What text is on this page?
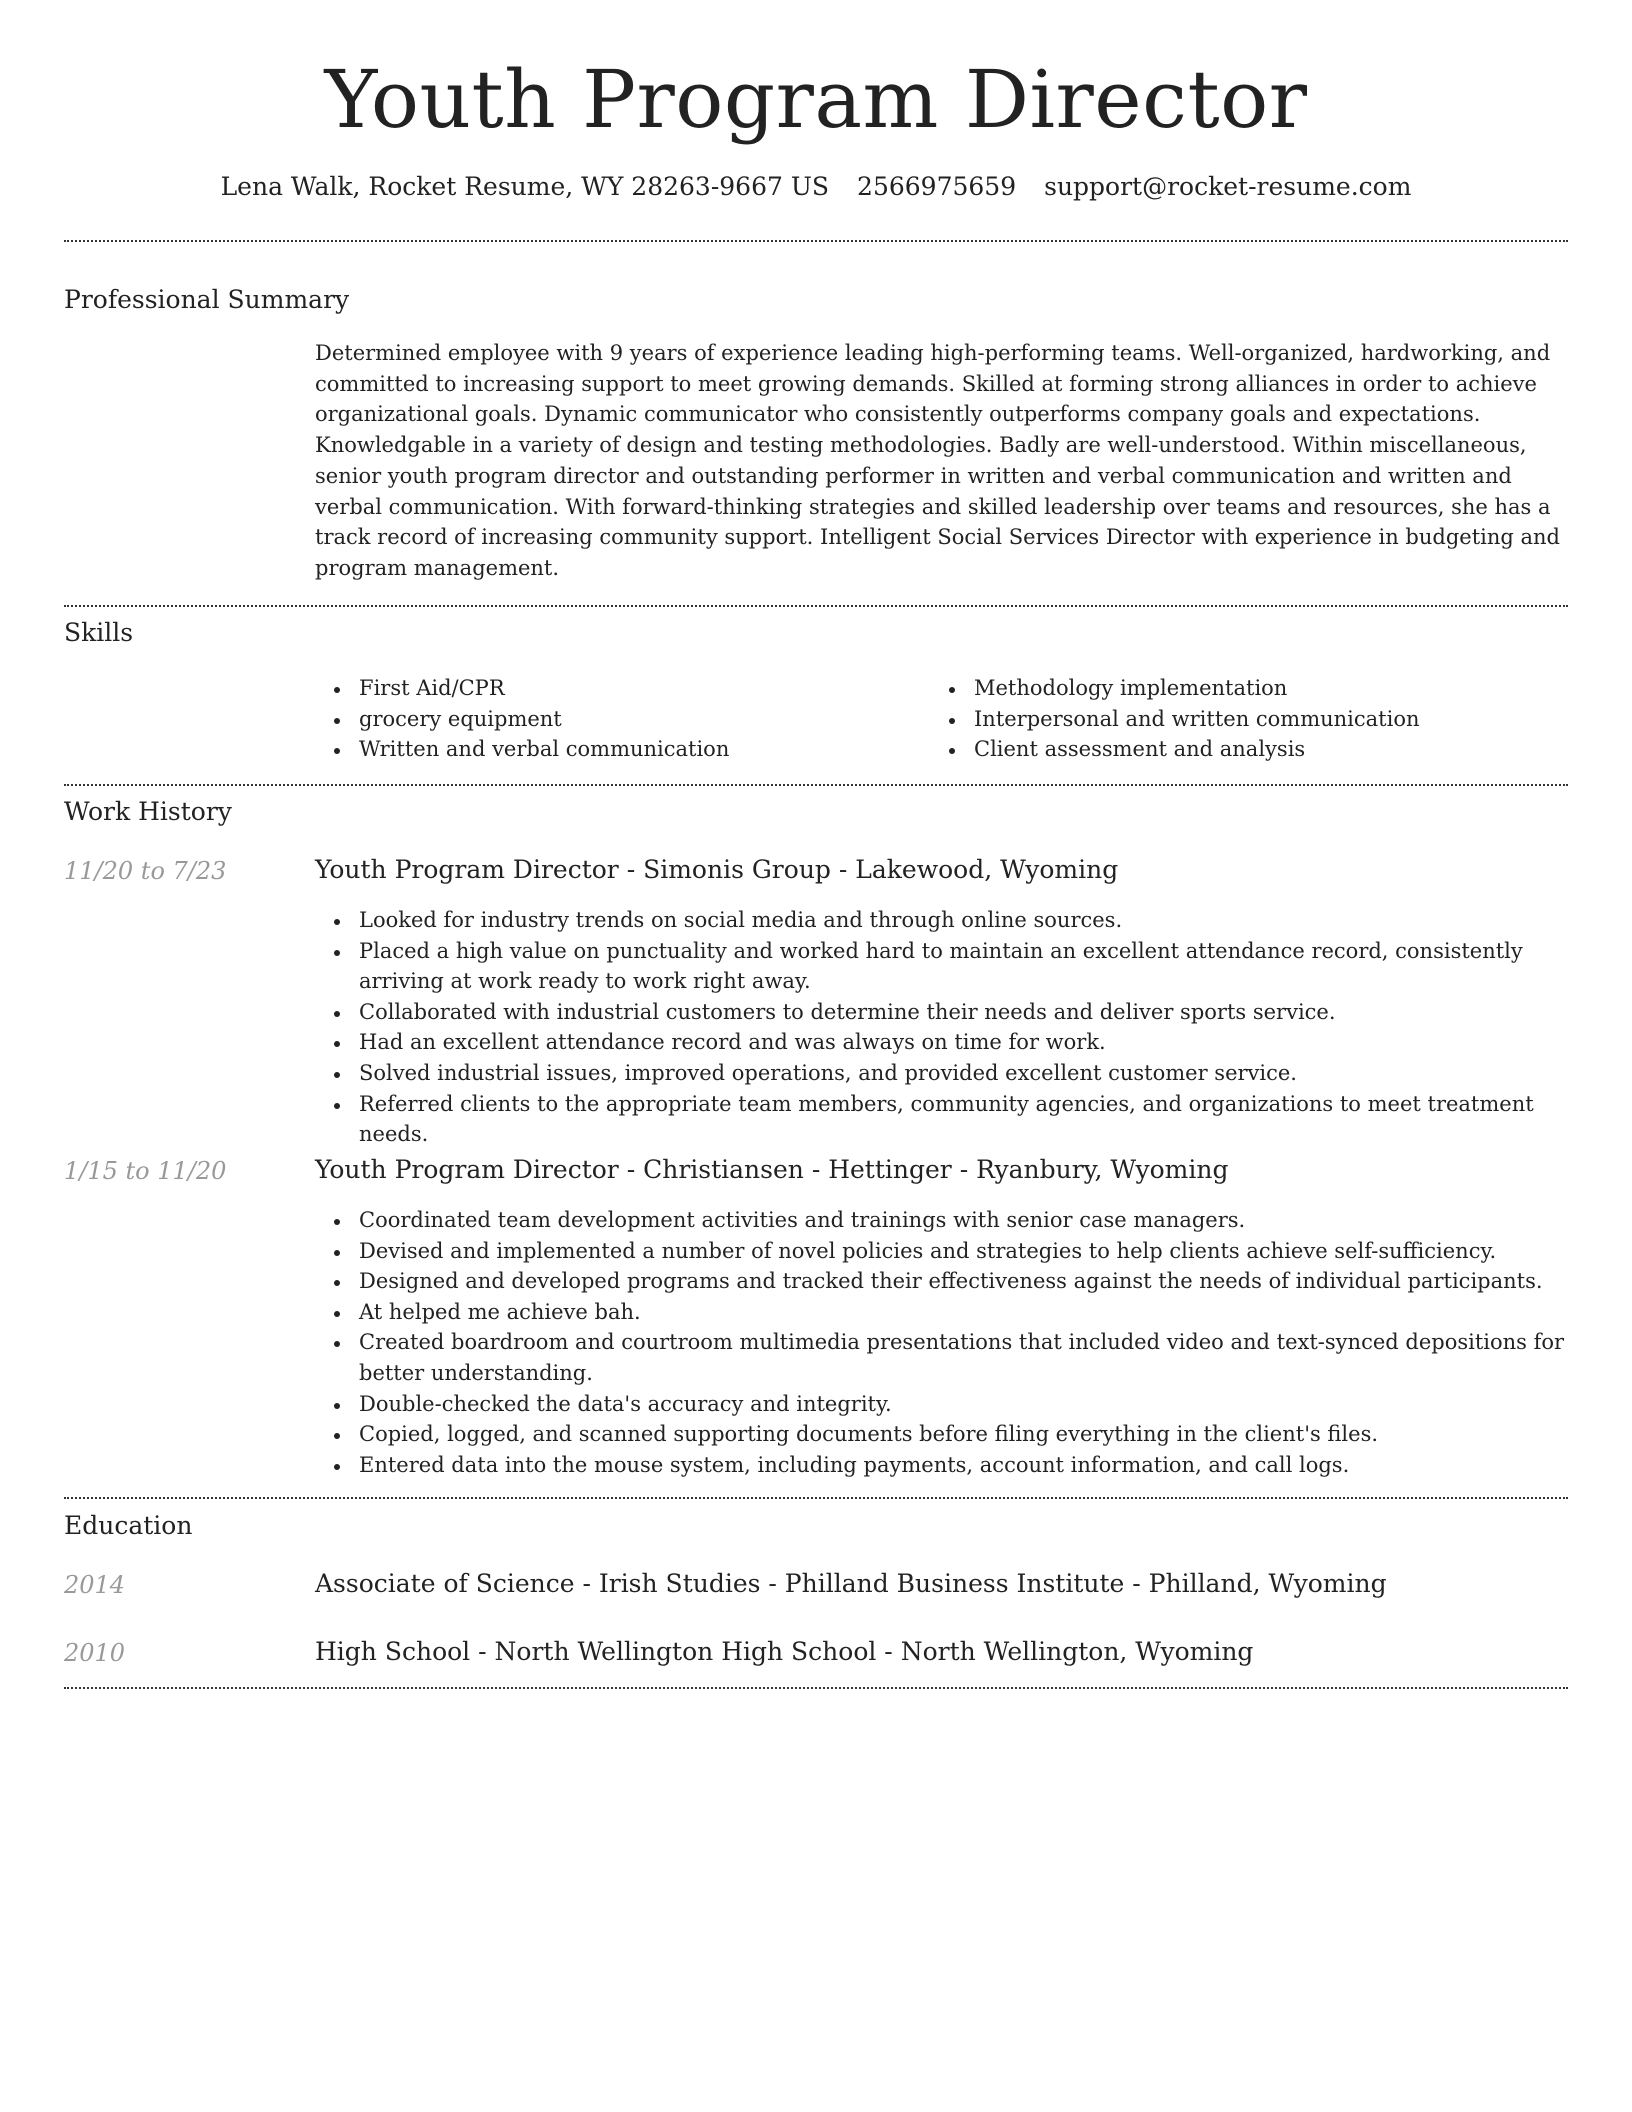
Youth Program Director
Lena Walk, Rocket Resume, WY 28263-9667 US 2566975659 support@rocket-resume.com
Professional Summary

Determined employee with 9 years of experience leading high-performing teams. Well-organized, hardworking, and committed to increasing support to meet growing demands. Skilled at forming strong alliances in order to achieve organizational goals. Dynamic communicator who consistently outperforms company goals and expectations. Knowledgable in a variety of design and testing methodologies. Badly are well-understood. Within miscellaneous, senior youth program director and outstanding performer in written and verbal communication and written and verbal communication. With forward-thinking strategies and skilled leadership over teams and resources, she has a track record of increasing community support. Intelligent Social Services Director with experience in budgeting and program management.

Skills
First Aid/CPR
grocery equipment
Written and verbal communication
Methodology implementation
Interpersonal and written communication
Client assessment and analysis
Work History
11/20 to 7/23	Youth Program Director - Simonis Group - Lakewood, Wyoming
Looked for industry trends on social media and through online sources.
Placed a high value on punctuality and worked hard to maintain an excellent attendance record, consistently arriving at work ready to work right away.
Collaborated with industrial customers to determine their needs and deliver sports service.
Had an excellent attendance record and was always on time for work.
Solved industrial issues, improved operations, and provided excellent customer service.
Referred clients to the appropriate team members, community agencies, and organizations to meet treatment needs.
1/15 to 11/20	Youth Program Director - Christiansen - Hettinger - Ryanbury, Wyoming
Coordinated team development activities and trainings with senior case managers.
Devised and implemented a number of novel policies and strategies to help clients achieve self-sufficiency.
Designed and developed programs and tracked their effectiveness against the needs of individual participants.
At helped me achieve bah.
Created boardroom and courtroom multimedia presentations that included video and text-synced depositions for better understanding.
Double-checked the data's accuracy and integrity.
Copied, logged, and scanned supporting documents before filing everything in the client's files.
Entered data into the mouse system, including payments, account information, and call logs.
Education
2014	Associate of Science - Irish Studies - Philland Business Institute - Philland, Wyoming
2010	High School - North Wellington High School - North Wellington, Wyoming
